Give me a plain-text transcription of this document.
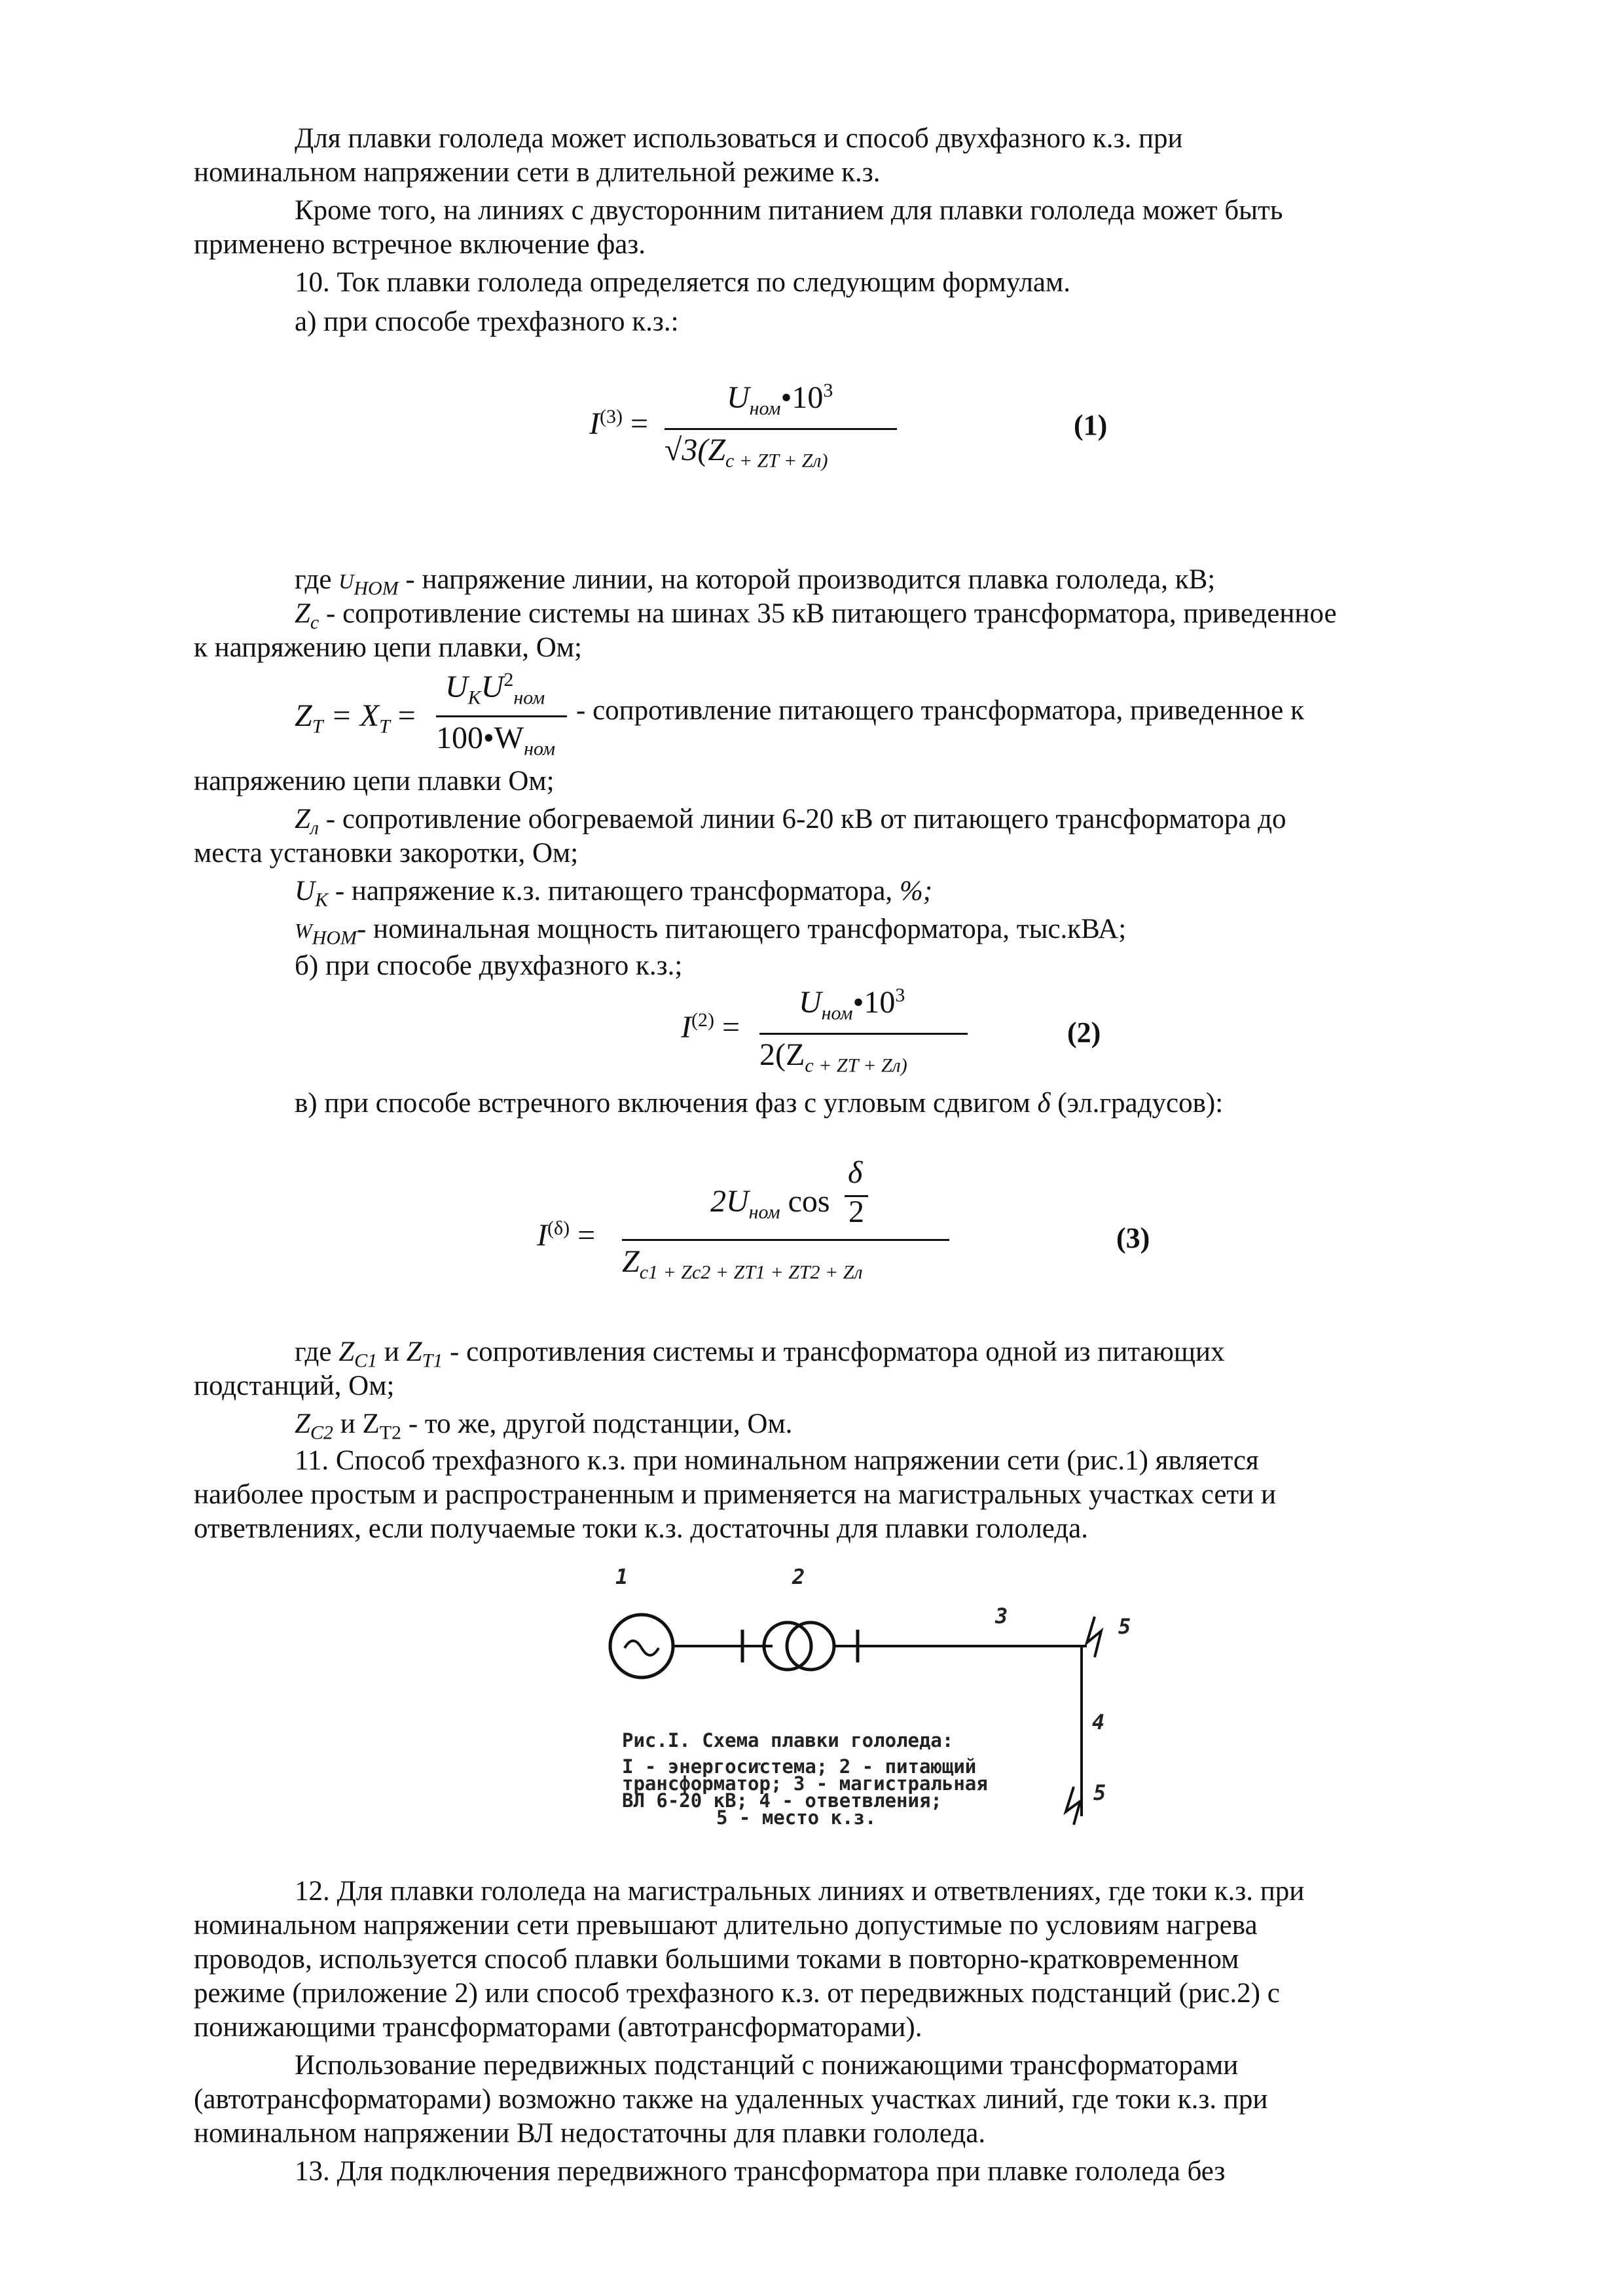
Для плавки гололеда может использоваться и способ двухфазного к.з. при
номинальном напряжении сети в длительной режиме к.з.
Кроме того, на линиях с двусторонним питанием для плавки гололеда может быть
применено встречное включение фаз.
10. Ток плавки гололеда определяется по следующим формулам.
а) при способе трехфазного к.з.:
$I^{(3)}$ =
$U_{ном}•10^3$
$√3(Z_{c + ZT + Zл)}$
(1)
где $U_{НОМ}$ - напряжение линии, на которой производится плавка гололеда, кВ;
$Z_c$ - сопротивление системы на шинах 35 кВ питающего трансформатора, приведенное
к напряжению цепи плавки, Ом;
$Z_T = X_T$ =
$U_KU^2_{ном}$
$100•W_{ном}$
- сопротивление питающего трансформатора, приведенное к
напряжению цепи плавки Ом;
$Z_л$ - сопротивление обогреваемой линии 6-20 кВ от питающего трансформатора до
места установки закоротки, Ом;
$U_K$ - напряжение к.з. питающего трансформатора, %;
$W_{НОМ}-$ номинальная мощность питающего трансформатора, тыс.кВА;
б) при способе двухфазного к.з.;
$I^{(2)}$ =
$U_{ном}•10^3$
$2(Z_{c + ZT + Zл)}$
(2)
в) при способе встречного включения фаз с угловым сдвигом δ (эл.градусов):
$I^{(\delta)}$ =
$2U_{ном}$ cos
δ
2
$Z_{c1 + Zc2 + ZT1 + ZT2 + Zл}$
(3)
где $Z_{C1}$ и $Z_{T1}$ - сопротивления системы и трансформатора одной из питающих
подстанций, Ом;
$Z_{C2}$ и $Z_{T2}$ - то же, другой подстанции, Ом.
11. Способ трехфазного к.з. при номинальном напряжении сети (рис.1) является
наиболее простым и распространенным и применяется на магистральных участках сети и
ответвлениях, если получаемые токи к.з. достаточны для плавки гололеда.
1	2
3	5
4
5
Рис.I. Схема плавки гололеда:
I - энергосистема; 2 - питающий
трансформатор; 3 - магистральная
ВЛ 6-20 кВ; 4 - ответвления;
5 - место к.з.
12. Для плавки гололеда на магистральных линиях и ответвлениях, где токи к.з. при
номинальном напряжении сети превышают длительно допустимые по условиям нагрева
проводов, используется способ плавки большими токами в повторно-кратковременном
режиме (приложение 2) или способ трехфазного к.з. от передвижных подстанций (рис.2) с
понижающими трансформаторами (автотрансформаторами).
Использование передвижных подстанций с понижающими трансформаторами
(автотрансформаторами) возможно также на удаленных участках линий, где токи к.з. при
номинальном напряжении ВЛ недостаточны для плавки гололеда.
13. Для подключения передвижного трансформатора при плавке гололеда без
